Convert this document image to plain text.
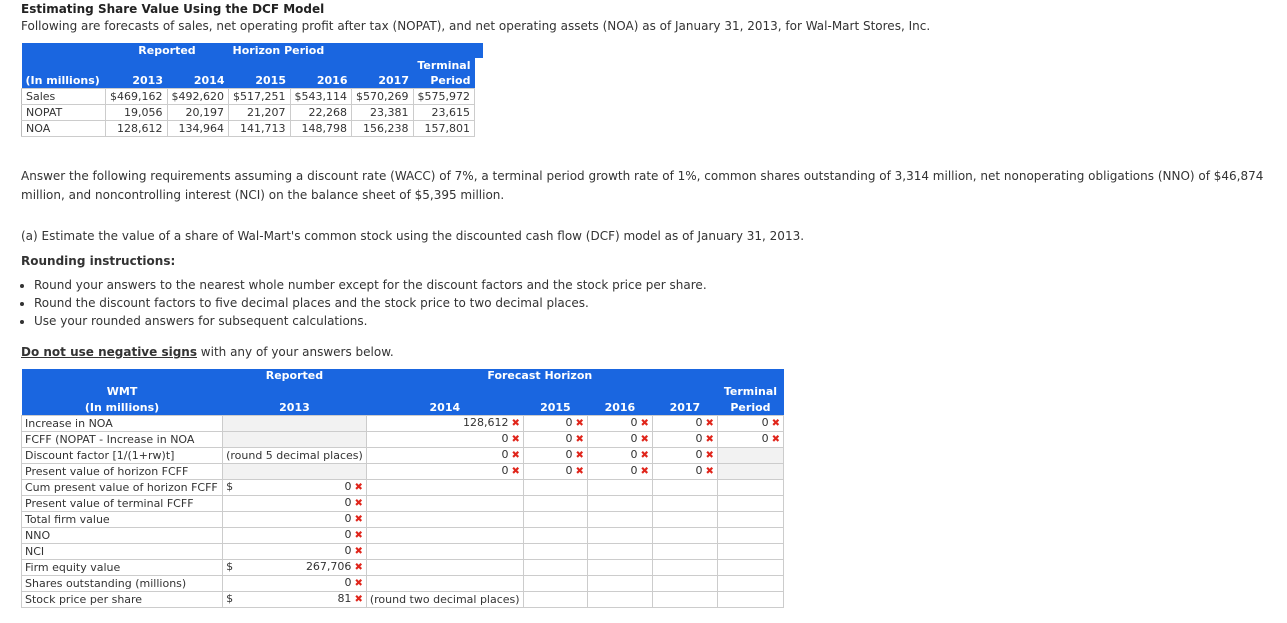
Estimating Share Value Using the DCF Model
Following are forecasts of sales, net operating profit after tax (NOPAT), and net operating assets (NOA) as of January 31, 2013, for Wal-Mart Stores, Inc.
	Reported		Horizon Period				
						Terminal	
(In millions)	2013	2014	2015	2016	2017	Period	
Sales	$469,162	$492,620	$517,251	$543,114	$570,269	$575,972	
NOPAT	19,056	20,197	21,207	22,268	23,381	23,615	
NOA	128,612	134,964	141,713	148,798	156,238	157,801	
Answer the following requirements assuming a discount rate (WACC) of 7%, a terminal period growth rate of 1%, common shares outstanding of 3,314 million, net nonoperating obligations (NNO) of $46,874 million, and noncontrolling interest (NCI) on the balance sheet of $5,395 million.
(a) Estimate the value of a share of Wal-Mart's common stock using the discounted cash flow (DCF) model as of January 31, 2013.
Rounding instructions:
• Round your answers to the nearest whole number except for the discount factors and the stock price per share.
• Round the discount factors to five decimal places and the stock price to two decimal places.
• Use your rounded answers for subsequent calculations.
Do not use negative signs with any of your answers below.
	Reported		Forecast Horizon			
WMT						Terminal
(In millions)	2013	2014	2015	2016	2017	Period
Increase in NOA		128,612 ✖	0 ✖	0 ✖	0 ✖	0 ✖
FCFF (NOPAT - Increase in NOA		0 ✖	0 ✖	0 ✖	0 ✖	0 ✖
Discount factor [1/(1+rw)t]	(round 5 decimal places)	0 ✖	0 ✖	0 ✖	0 ✖	
Present value of horizon FCFF		0 ✖	0 ✖	0 ✖	0 ✖	
Cum present value of horizon FCFF	$ 0 ✖					
Present value of terminal FCFF	0 ✖					
Total firm value	0 ✖					
NNO	0 ✖					
NCI	0 ✖					
Firm equity value	$ 267,706 ✖					
Shares outstanding (millions)	0 ✖					
Stock price per share	$ 81 ✖	(round two decimal places)				
